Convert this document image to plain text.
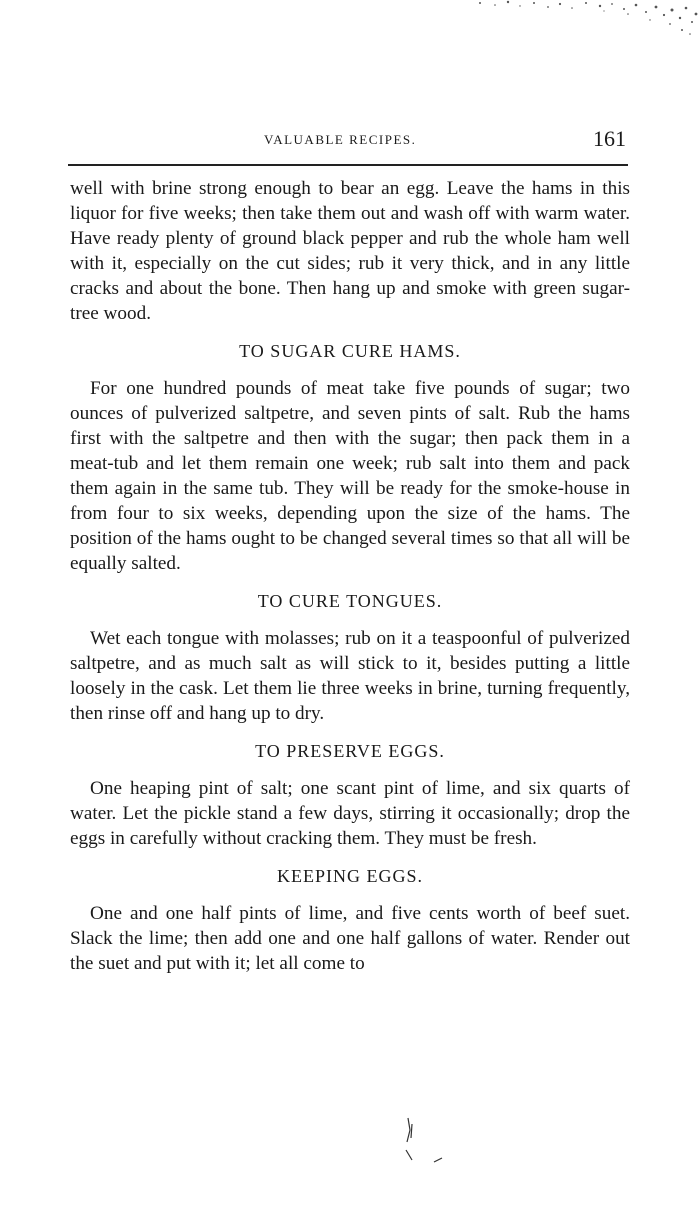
VALUABLE RECIPES.	161

well with brine strong enough to bear an egg. Leave the hams in this liquor for five weeks; then take them out and wash off with warm water. Have ready plenty of ground black pepper and rub the whole ham well with it, especially on the cut sides; rub it very thick, and in any little cracks and about the bone. Then hang up and smoke with green sugar-tree wood.

TO SUGAR CURE HAMS.

For one hundred pounds of meat take five pounds of sugar; two ounces of pulverized saltpetre, and seven pints of salt. Rub the hams first with the saltpetre and then with the sugar; then pack them in a meat-tub and let them remain one week; rub salt into them and pack them again in the same tub. They will be ready for the smoke-house in from four to six weeks, depending upon the size of the hams. The position of the hams ought to be changed several times so that all will be equally salted.

TO CURE TONGUES.

Wet each tongue with molasses; rub on it a teaspoonful of pulverized saltpetre, and as much salt as will stick to it, besides putting a little loosely in the cask. Let them lie three weeks in brine, turning frequently, then rinse off and hang up to dry.

TO PRESERVE EGGS.

One heaping pint of salt; one scant pint of lime, and six quarts of water. Let the pickle stand a few days, stirring it occasionally; drop the eggs in carefully without cracking them. They must be fresh.

KEEPING EGGS.

One and one half pints of lime, and five cents worth of beef suet. Slack the lime; then add one and one half gallons of water. Render out the suet and put with it; let all come to
